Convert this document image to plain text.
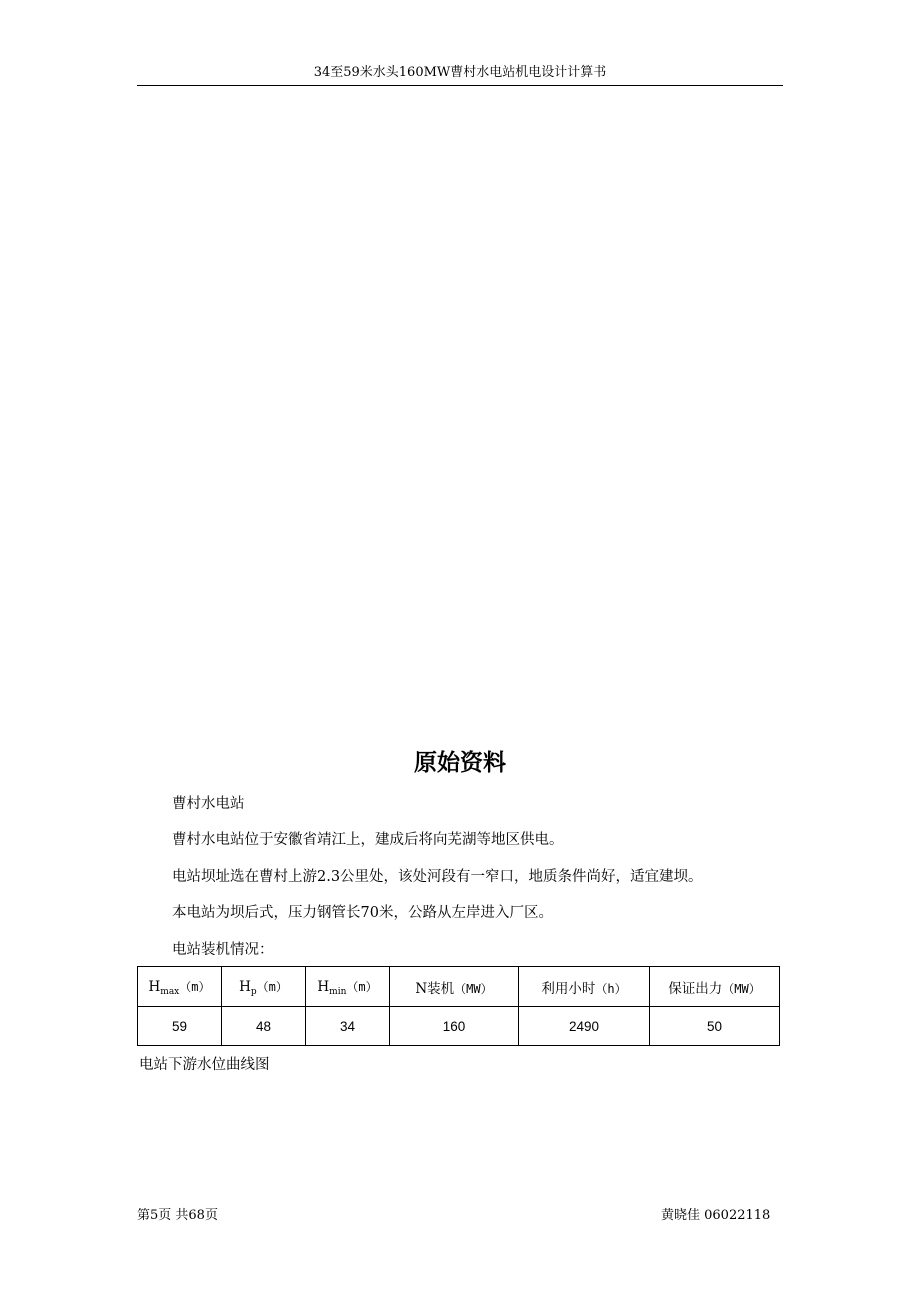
34至59米水头160MW曹村水电站机电设计计算书
原始资料
曹村水电站
曹村水电站位于安徽省靖江上，建成后将向芜湖等地区供电。
电站坝址选在曹村上游2.3公里处，该处河段有一窄口，地质条件尚好，适宜建坝。
本电站为坝后式，压力钢管长70米，公路从左岸进入厂区。
电站装机情况：
$H_{max}(m)$	$H_p(m)$	$H_{min}(m)$	N装机（MW）	利用小时（h）	保证出力（MW）
59	48	34	160	2490	50
电站下游水位曲线图
第5页 共68页	黄晓佳 06022118
